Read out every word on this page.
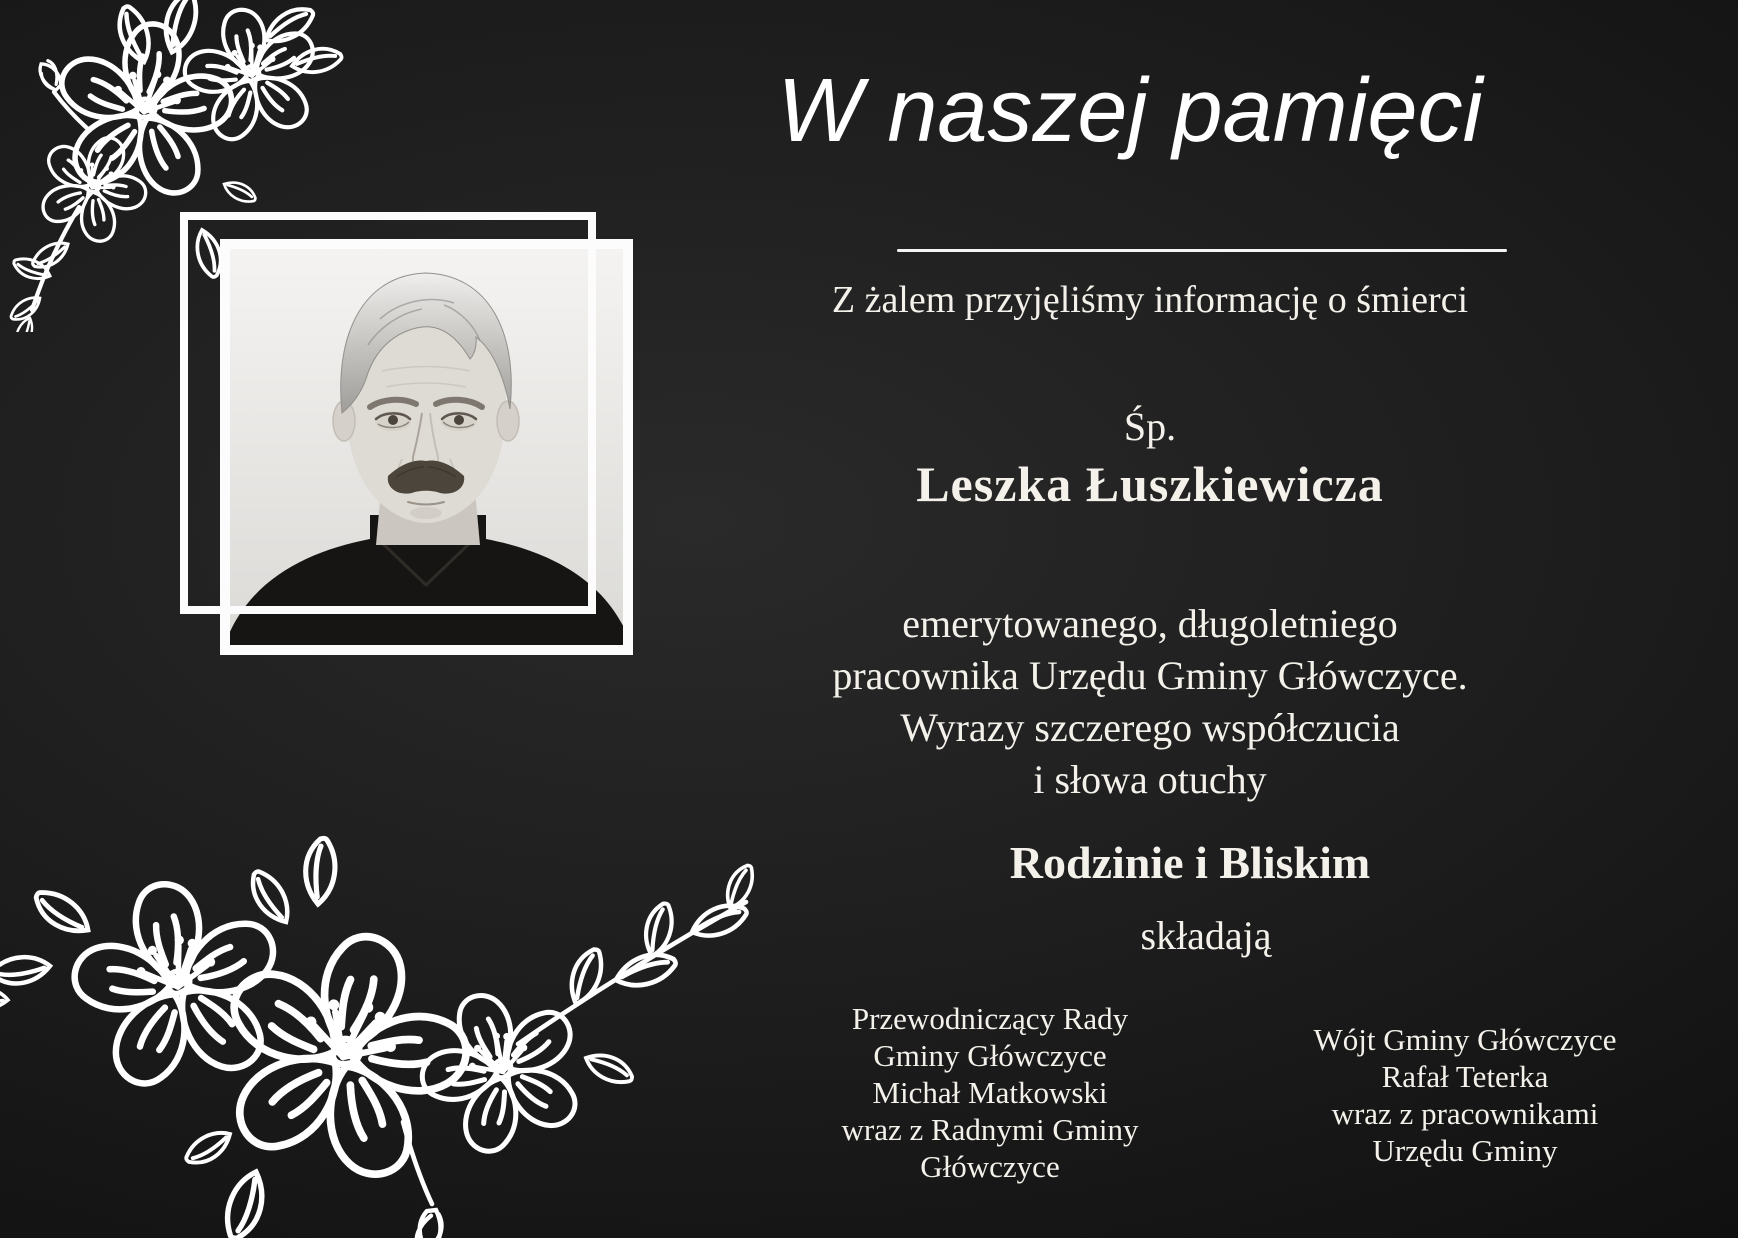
W naszej pamięci

Z żalem przyjęliśmy informację o śmierci

Śp.

Leszka Łuszkiewicza

emerytowanego, długoletniego
pracownika Urzędu Gminy Główczyce.
Wyrazy szczerego współczucia
i słowa otuchy

Rodzinie i Bliskim

składają

Przewodniczący Rady
Gminy Główczyce
Michał Matkowski
wraz z Radnymi Gminy
Główczyce
Wójt Gminy Główczyce
Rafał Teterka
wraz z pracownikami
Urzędu Gminy
